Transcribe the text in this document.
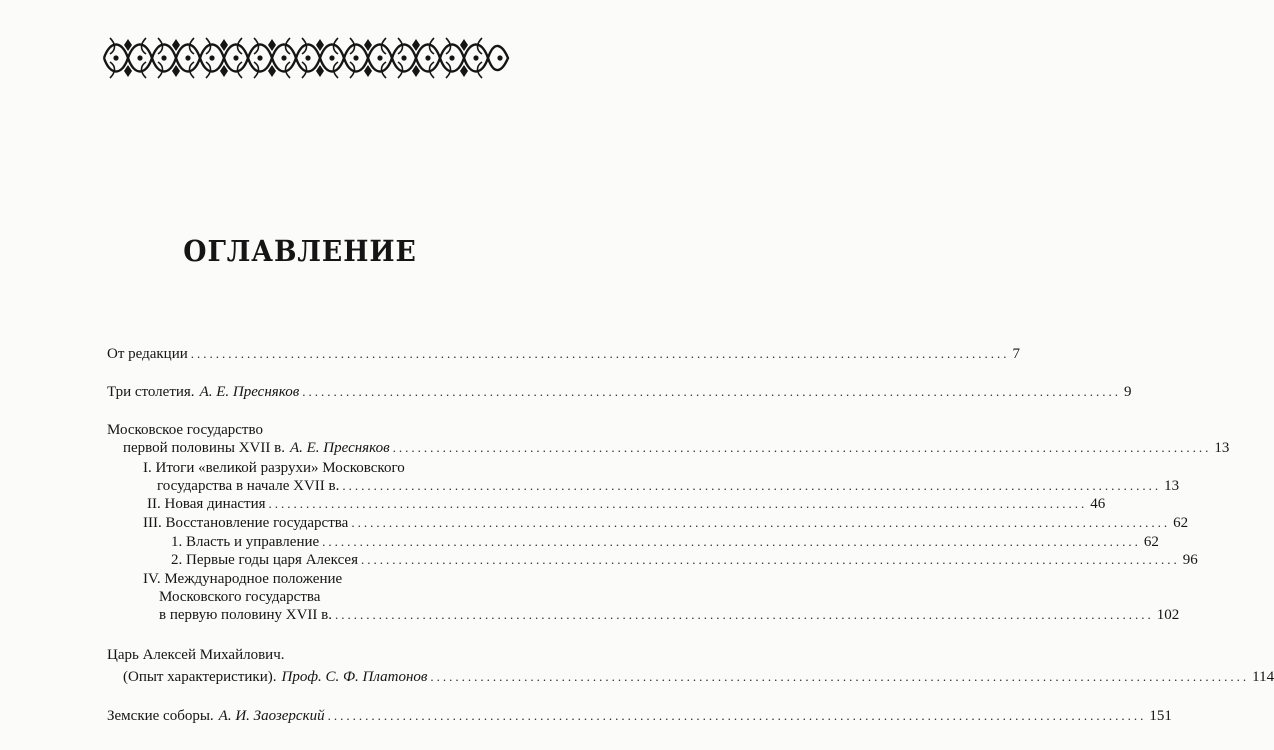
ОГЛАВЛЕНИЕ
От редакции ................................................................................................................................... 7
Три столетия. А. Е. Пресняков ................................................................................................................................... 9
Московское государство
первой половины XVII в. А. Е. Пресняков ................................................................................................................................... 13
I. Итоги «великой разрухи» Московского
государства в начале XVII в. ................................................................................................................................... 13
II. Новая династия ................................................................................................................................... 46
III. Восстановление государства ................................................................................................................................... 62
1. Власть и управление ................................................................................................................................... 62
2. Первые годы царя Алексея ................................................................................................................................... 96
IV. Международное положение
Московского государства
в первую половину XVII в. ................................................................................................................................... 102
Царь Алексей Михайлович.
(Опыт характеристики). Проф. С. Ф. Платонов ................................................................................................................................... 114
Земские соборы. А. И. Заозерский ................................................................................................................................... 151
